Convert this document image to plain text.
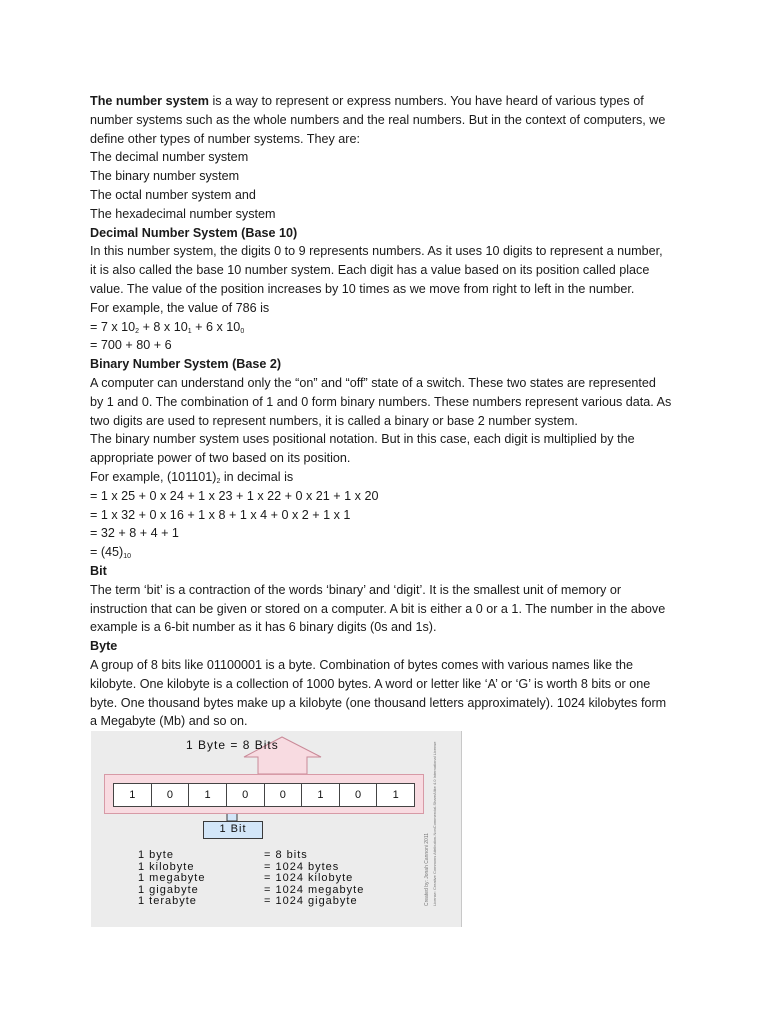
The number system is a way to represent or express numbers. You have heard of various types of
number systems such as the whole numbers and the real numbers. But in the context of computers, we
define other types of number systems. They are:
The decimal number system
The binary number system
The octal number system and
The hexadecimal number system
Decimal Number System (Base 10)
In this number system, the digits 0 to 9 represents numbers. As it uses 10 digits to represent a number,
it is also called the base 10 number system. Each digit has a value based on its position called place
value. The value of the position increases by 10 times as we move from right to left in the number.
For example, the value of 786 is
= 7 x $10_2 + 8$ x $10_1 + 6$ x $10_0$
= 700 + 80 + 6
Binary Number System (Base 2)
A computer can understand only the “on” and “off” state of a switch. These two states are represented
by 1 and 0. The combination of 1 and 0 form binary numbers. These numbers represent various data. As
two digits are used to represent numbers, it is called a binary or base 2 number system.
The binary number system uses positional notation. But in this case, each digit is multiplied by the
appropriate power of two based on its position.
For example, $(101101)_2$ in decimal is
= 1 x 25 + 0 x 24 + 1 x 23 + 1 x 22 + 0 x 21 + 1 x 20
= 1 x 32 + 0 x 16 + 1 x 8 + 1 x 4 + 0 x 2 + 1 x 1
= 32 + 8 + 4 + 1
= $(45)_{10}$
Bit
The term ‘bit’ is a contraction of the words ‘binary’ and ‘digit’. It is the smallest unit of memory or
instruction that can be given or stored on a computer. A bit is either a 0 or a 1. The number in the above
example is a 6-bit number as it has 6 binary digits (0s and 1s).
Byte
A group of 8 bits like 01100001 is a byte. Combination of bytes comes with various names like the
kilobyte. One kilobyte is a collection of 1000 bytes. A word or letter like ‘A’ or ‘G’ is worth 8 bits or one
byte. One thousand bytes make up a kilobyte (one thousand letters approximately). 1024 kilobytes form
a Megabyte (Mb) and so on.
1 Byte = 8 Bits
1	0	1	0	0	1	0	1
1 Bit
1 byte	= 8 bits
1 kilobyte	= 1024 bytes
1 megabyte	= 1024 kilobyte
1 gigabyte	= 1024 megabyte
1 terabyte	= 1024 gigabyte	Created by: Jonah Cannoni 2011 License: Creative Commons Attribution-NonCommercial-ShareAlike 4.0 International License
